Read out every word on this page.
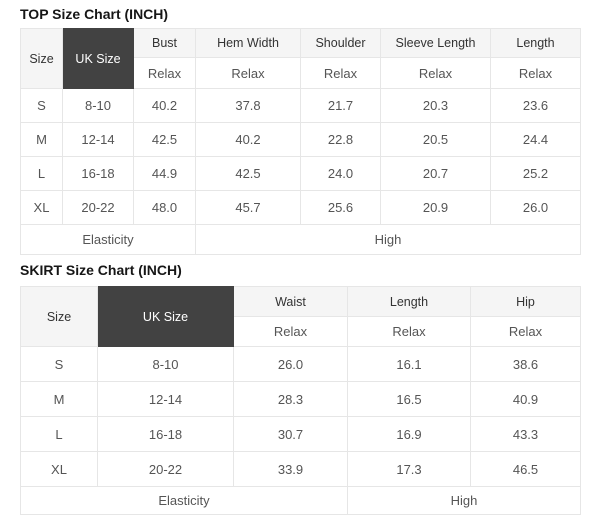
TOP Size Chart (INCH)
Size	UK Size	Bust	Hem Width	Shoulder	Sleeve Length	Length
		Relax	Relax	Relax	Relax	Relax
S	8-10	40.2	37.8	21.7	20.3	23.6
M	12-14	42.5	40.2	22.8	20.5	24.4
L	16-18	44.9	42.5	24.0	20.7	25.2
XL	20-22	48.0	45.7	25.6	20.9	26.0
Elasticity			High			
SKIRT Size Chart (INCH)
Size	UK Size	Waist	Length	Hip
		Relax	Relax	Relax
S	8-10	26.0	16.1	38.6
M	12-14	28.3	16.5	40.9
L	16-18	30.7	16.9	43.3
XL	20-22	33.9	17.3	46.5
Elasticity			High	
